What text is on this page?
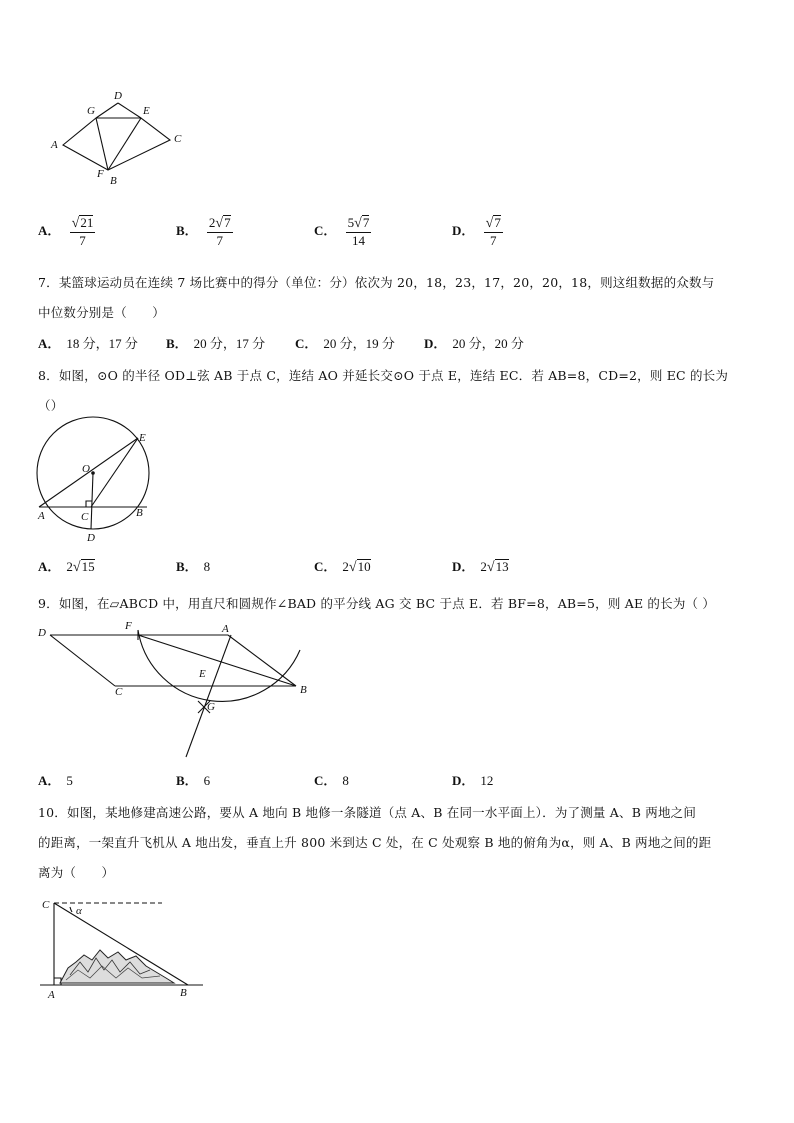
D
G	E
A	C
F
B
A． $\frac{√21}{7}$	B． $\frac{2√7}{7}$	C． $\frac{5√7}{14}$	D． $\frac{√7}{7}$
7．某篮球运动员在连续 7 场比赛中的得分（单位：分）依次为 20，18，23，17，20，20，18，则这组数据的众数与
中位数分别是（　　）
A． 18 分，17 分 B． 20 分，17 分 C． 20 分，19 分 D． 20 分，20 分
8．如图，⊙O 的半径 OD⊥弦 AB 于点 C，连结 AO 并延长交⊙O 于点 E，连结 EC．若 AB=8，CD=2，则 EC 的长为
（）
E
O
A	C	B
D
A． 2√15	B． 8	C． 2√10	D． 2√13
9．如图，在▱ABCD 中，用直尺和圆规作∠BAD 的平分线 AG 交 BC 于点 E．若 BF=8，AB=5，则 AE 的长为（ ）
D
F	A
E
C	B
G
A． 5	B． 6	C． 8	D． 12
10．如图，某地修建高速公路，要从 A 地向 B 地修一条隧道（点 A、B 在同一水平面上）．为了测量 A、B 两地之间
的距离，一架直升飞机从 A 地出发，垂直上升 800 米到达 C 处，在 C 处观察 B 地的俯角为α，则 A、B 两地之间的距
离为（　　）
C α
A	B
